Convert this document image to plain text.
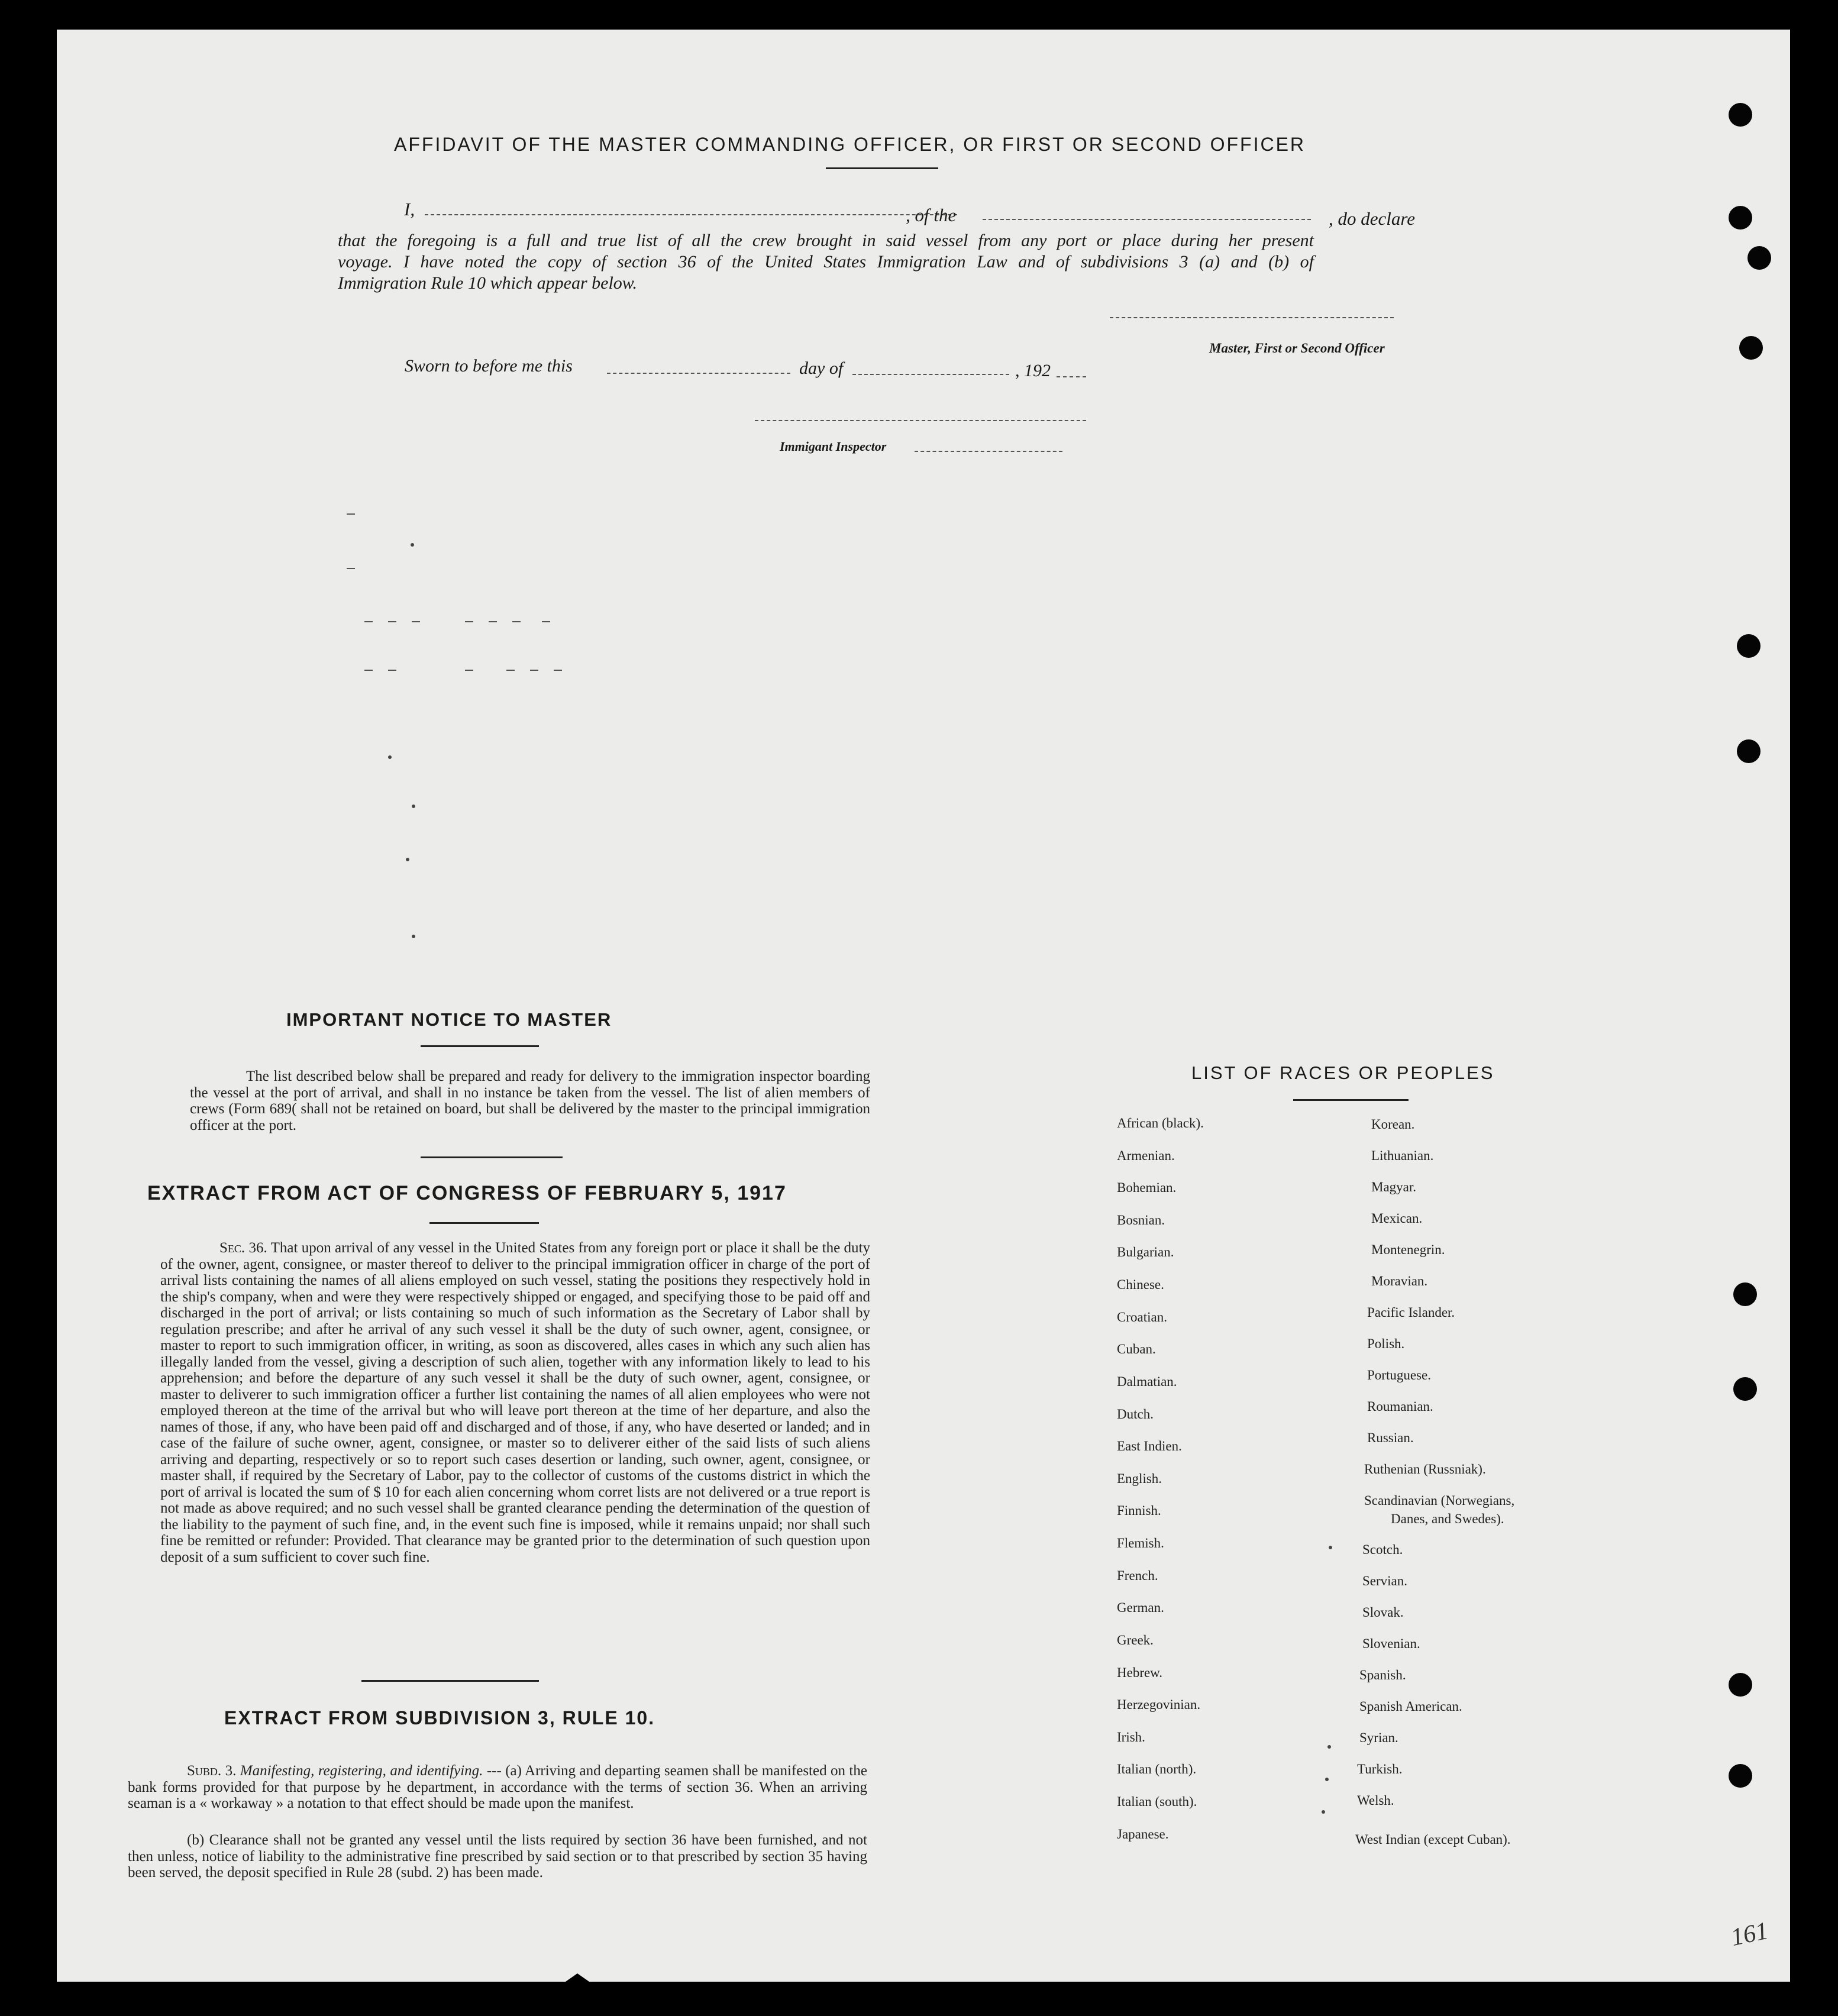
AFFIDAVIT OF THE MASTER COMMANDING OFFICER, OR FIRST OR SECOND OFFICER
I,	, of the	, do declare
that the foregoing is a full and true list of all the crew brought in said vessel from any port or place during her present
voyage. I have noted the copy of section 36 of the United States Immigration Law and of subdivisions 3 (a) and (b) of
Immigration Rule 10 which appear below.
Master, First or Second Officer
Sworn to before me this	day of	, 192
Immigant Inspector
IMPORTANT NOTICE TO MASTER
The list described below shall be prepared and ready for delivery to the immigration inspector boarding the vessel at the port of arrival, and shall in no instance be taken from the vessel. The list of alien members of crews (Form 689( shall not be retained on board, but shall be delivered by the master to the principal immigration officer at the port.
EXTRACT FROM ACT OF CONGRESS OF FEBRUARY 5, 1917
Sec. 36. That upon arrival of any vessel in the United States from any foreign port or place it shall be the duty of the owner, agent, consignee, or master thereof to deliver to the principal immigration officer in charge of the port of arrival lists containing the names of all aliens employed on such vessel, stating the positions they respectively hold in the ship's company, when and were they were respectively shipped or engaged, and specifying those to be paid off and discharged in the port of arrival; or lists containing so much of such information as the Secretary of Labor shall by regulation prescribe; and after he arrival of any such vessel it shall be the duty of such owner, agent, consignee, or master to report to such immigration officer, in writing, as soon as discovered, alles cases in which any such alien has illegally landed from the vessel, giving a description of such alien, together with any information likely to lead to his apprehension; and before the departure of any such vessel it shall be the duty of such owner, agent, consignee, or master to deliverer to such immigration officer a further list containing the names of all alien employees who were not employed thereon at the time of the arrival but who will leave port thereon at the time of her departure, and also the names of those, if any, who have been paid off and discharged and of those, if any, who have deserted or landed; and in case of the failure of suche owner, agent, consignee, or master so to deliverer either of the said lists of such aliens arriving and departing, respectively or so to report such cases desertion or landing, such owner, agent, consignee, or master shall, if required by the Secretary of Labor, pay to the collector of customs of the customs district in which the port of arrival is located the sum of $ 10 for each alien concerning whom corret lists are not delivered or a true report is not made as above required; and no such vessel shall be granted clearance pending the determination of the question of the liability to the payment of such fine, and, in the event such fine is imposed, while it remains unpaid; nor shall such fine be remitted or refunder: Provided. That clearance may be granted prior to the determination of such question upon deposit of a sum sufficient to cover such fine.
EXTRACT FROM SUBDIVISION 3, RULE 10.
Subd. 3. Manifesting, registering, and identifying. --- (a) Arriving and departing seamen shall be manifested on the bank forms provided for that purpose by he department, in accordance with the terms of section 36. When an arriving seaman is a « workaway » a notation to that effect should be made upon the manifest.
(b) Clearance shall not be granted any vessel until the lists required by section 36 have been furnished, and not then unless, notice of liability to the administrative fine prescribed by said section or to that prescribed by section 35 having been served, the deposit specified in Rule 28 (subd. 2) has been made.
LIST OF RACES OR PEOPLES
African (black).
Armenian.
Bohemian.
Bosnian.
Bulgarian.
Chinese.
Croatian.
Cuban.
Dalmatian.
Dutch.
East Indien.
English.
Finnish.
Flemish.
French.
German.
Greek.
Hebrew.
Herzegovinian.
Irish.
Italian (north).
Italian (south).
Japanese.
Korean.
Lithuanian.
Magyar.
Mexican.
Montenegrin.
Moravian.
Pacific Islander.
Polish.
Portuguese.
Roumanian.
Russian.
Ruthenian (Russniak).
Scandinavian (Norwegians,
Danes, and Swedes).
Scotch.
Servian.
Slovak.
Slovenian.
Spanish.
Spanish American.
Syrian.
Turkish.
Welsh.
West Indian (except Cuban).
161
